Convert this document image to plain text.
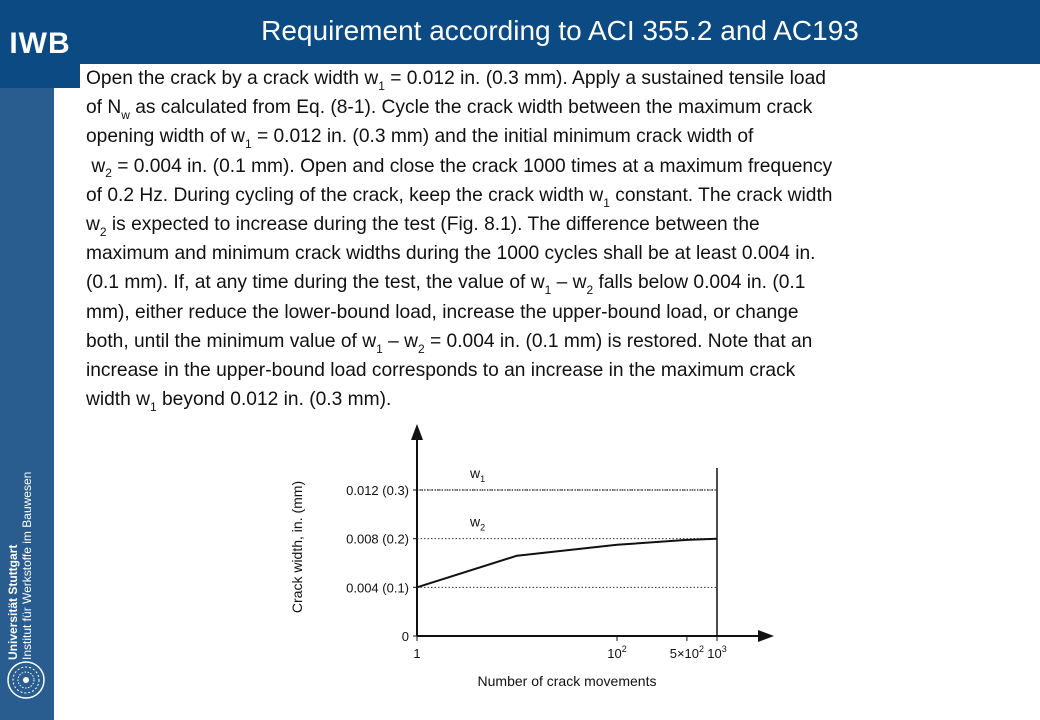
IWB
Universität Stuttgart Institut für Werkstoffe im Bauwesen
Requirement according to ACI 355.2 and AC193
Open the crack by a crack width $w_1 = 0.012$ in. (0.3 mm). Apply a sustained tensile load
of $N_w$ as calculated from Eq. (8-1). Cycle the crack width between the maximum crack
opening width of $w_1 = 0.012$ in. (0.3 mm) and the initial minimum crack width of
$w_2 = 0.004$ in. (0.1 mm). Open and close the crack 1000 times at a maximum frequency
of 0.2 Hz. During cycling of the crack, keep the crack width $w_1$ constant. The crack width
$w_2$ is expected to increase during the test (Fig. 8.1). The difference between the
maximum and minimum crack widths during the 1000 cycles shall be at least 0.004 in.
(0.1 mm). If, at any time during the test, the value of $w_1 - w_2$ falls below 0.004 in. (0.1
mm), either reduce the lower-bound load, increase the upper-bound load, or change
both, until the minimum value of $w_1 - w_2 = 0.004$ in. (0.1 mm) is restored. Note that an
increase in the upper-bound load corresponds to an increase in the maximum crack
width $w_1$ beyond 0.012 in. (0.3 mm).
0
0.004 (0.1)
0.008 (0.2)
0.012 (0.3)
1	$10^2$	$5\times 10^2$ $10^3$
Number of crack movements
Crack width, in. (mm)
$w_1$
$w_2$
